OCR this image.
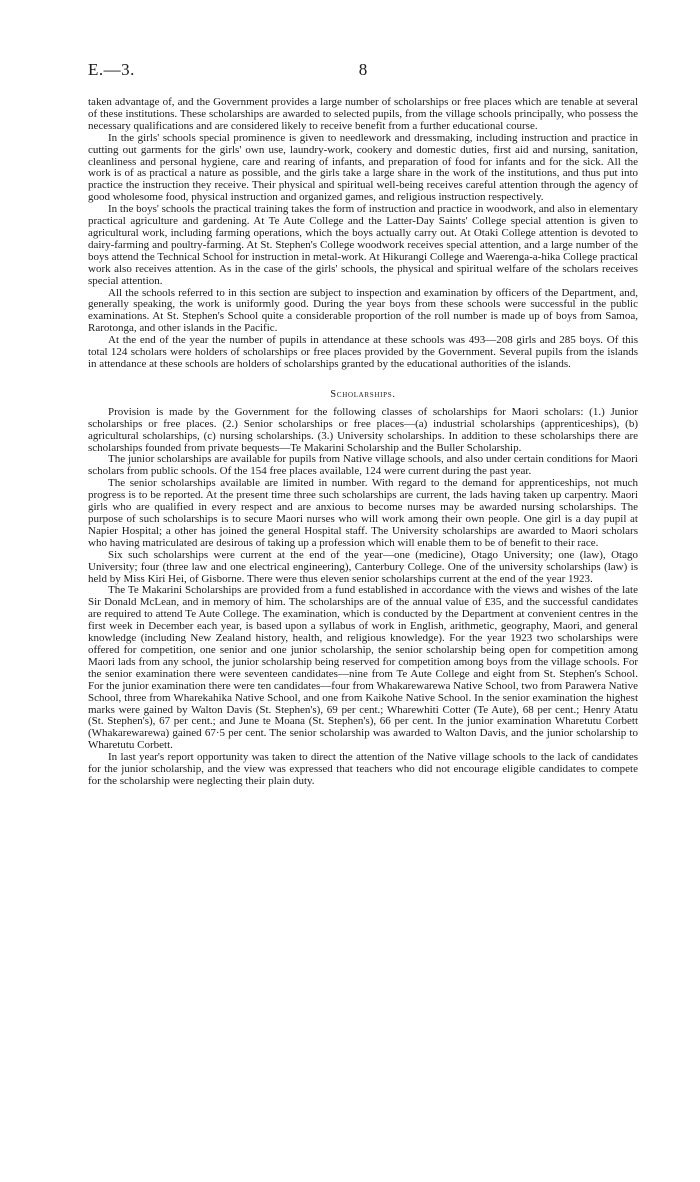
E.—3.	8

taken advantage of, and the Government provides a large number of scholarships or free places which are tenable at several of these institutions. These scholarships are awarded to selected pupils, from the village schools principally, who possess the necessary qualifications and are considered likely to receive benefit from a further educational course.

In the girls' schools special prominence is given to needlework and dressmaking, including instruction and practice in cutting out garments for the girls' own use, laundry-work, cookery and domestic duties, first aid and nursing, sanitation, cleanliness and personal hygiene, care and rearing of infants, and preparation of food for infants and for the sick. All the work is of as practical a nature as possible, and the girls take a large share in the work of the institutions, and thus put into practice the instruction they receive. Their physical and spiritual well-being receives careful attention through the agency of good wholesome food, physical instruction and organized games, and religious instruction respectively.

In the boys' schools the practical training takes the form of instruction and practice in woodwork, and also in elementary practical agriculture and gardening. At Te Aute College and the Latter-Day Saints' College special attention is given to agricultural work, including farming operations, which the boys actually carry out. At Otaki College attention is devoted to dairy-farming and poultry-farming. At St. Stephen's College woodwork receives special attention, and a large number of the boys attend the Technical School for instruction in metal-work. At Hikurangi College and Waerenga-a-hika College practical work also receives attention. As in the case of the girls' schools, the physical and spiritual welfare of the scholars receives special attention.

All the schools referred to in this section are subject to inspection and examination by officers of the Department, and, generally speaking, the work is uniformly good. During the year boys from these schools were successful in the public examinations. At St. Stephen's School quite a considerable proportion of the roll number is made up of boys from Samoa, Rarotonga, and other islands in the Pacific.

At the end of the year the number of pupils in attendance at these schools was 493—208 girls and 285 boys. Of this total 124 scholars were holders of scholarships or free places provided by the Government. Several pupils from the islands in attendance at these schools are holders of scholarships granted by the educational authorities of the islands.

Scholarships.

Provision is made by the Government for the following classes of scholarships for Maori scholars: (1.) Junior scholarships or free places. (2.) Senior scholarships or free places—(a) industrial scholarships (apprenticeships), (b) agricultural scholarships, (c) nursing scholarships. (3.) University scholarships. In addition to these scholarships there are scholarships founded from private bequests—Te Makarini Scholarship and the Buller Scholarship.

The junior scholarships are available for pupils from Native village schools, and also under certain conditions for Maori scholars from public schools. Of the 154 free places available, 124 were current during the past year.

The senior scholarships available are limited in number. With regard to the demand for apprenticeships, not much progress is to be reported. At the present time three such scholarships are current, the lads having taken up carpentry. Maori girls who are qualified in every respect and are anxious to become nurses may be awarded nursing scholarships. The purpose of such scholarships is to secure Maori nurses who will work among their own people. One girl is a day pupil at Napier Hospital; a other has joined the general Hospital staff. The University scholarships are awarded to Maori scholars who having matriculated are desirous of taking up a profession which will enable them to be of benefit to their race.

Six such scholarships were current at the end of the year—one (medicine), Otago University; one (law), Otago University; four (three law and one electrical engineering), Canterbury College. One of the university scholarships (law) is held by Miss Kiri Hei, of Gisborne. There were thus eleven senior scholarships current at the end of the year 1923.

The Te Makarini Scholarships are provided from a fund established in accordance with the views and wishes of the late Sir Donald McLean, and in memory of him. The scholarships are of the annual value of £35, and the successful candidates are required to attend Te Aute College. The examination, which is conducted by the Department at convenient centres in the first week in December each year, is based upon a syllabus of work in English, arithmetic, geography, Maori, and general knowledge (including New Zealand history, health, and religious knowledge). For the year 1923 two scholarships were offered for competition, one senior and one junior scholarship, the senior scholarship being open for competition among Maori lads from any school, the junior scholarship being reserved for competition among boys from the village schools. For the senior examination there were seventeen candidates—nine from Te Aute College and eight from St. Stephen's School. For the junior examination there were ten candidates—four from Whakarewarewa Native School, two from Parawera Native School, three from Wharekahika Native School, and one from Kaikohe Native School. In the senior examination the highest marks were gained by Walton Davis (St. Stephen's), 69 per cent.; Wharewhiti Cotter (Te Aute), 68 per cent.; Henry Atatu (St. Stephen's), 67 per cent.; and June te Moana (St. Stephen's), 66 per cent. In the junior examination Wharetutu Corbett (Whakarewarewa) gained 67·5 per cent. The senior scholarship was awarded to Walton Davis, and the junior scholarship to Wharetutu Corbett.

In last year's report opportunity was taken to direct the attention of the Native village schools to the lack of candidates for the junior scholarship, and the view was expressed that teachers who did not encourage eligible candidates to compete for the scholarship were neglecting their plain duty.
